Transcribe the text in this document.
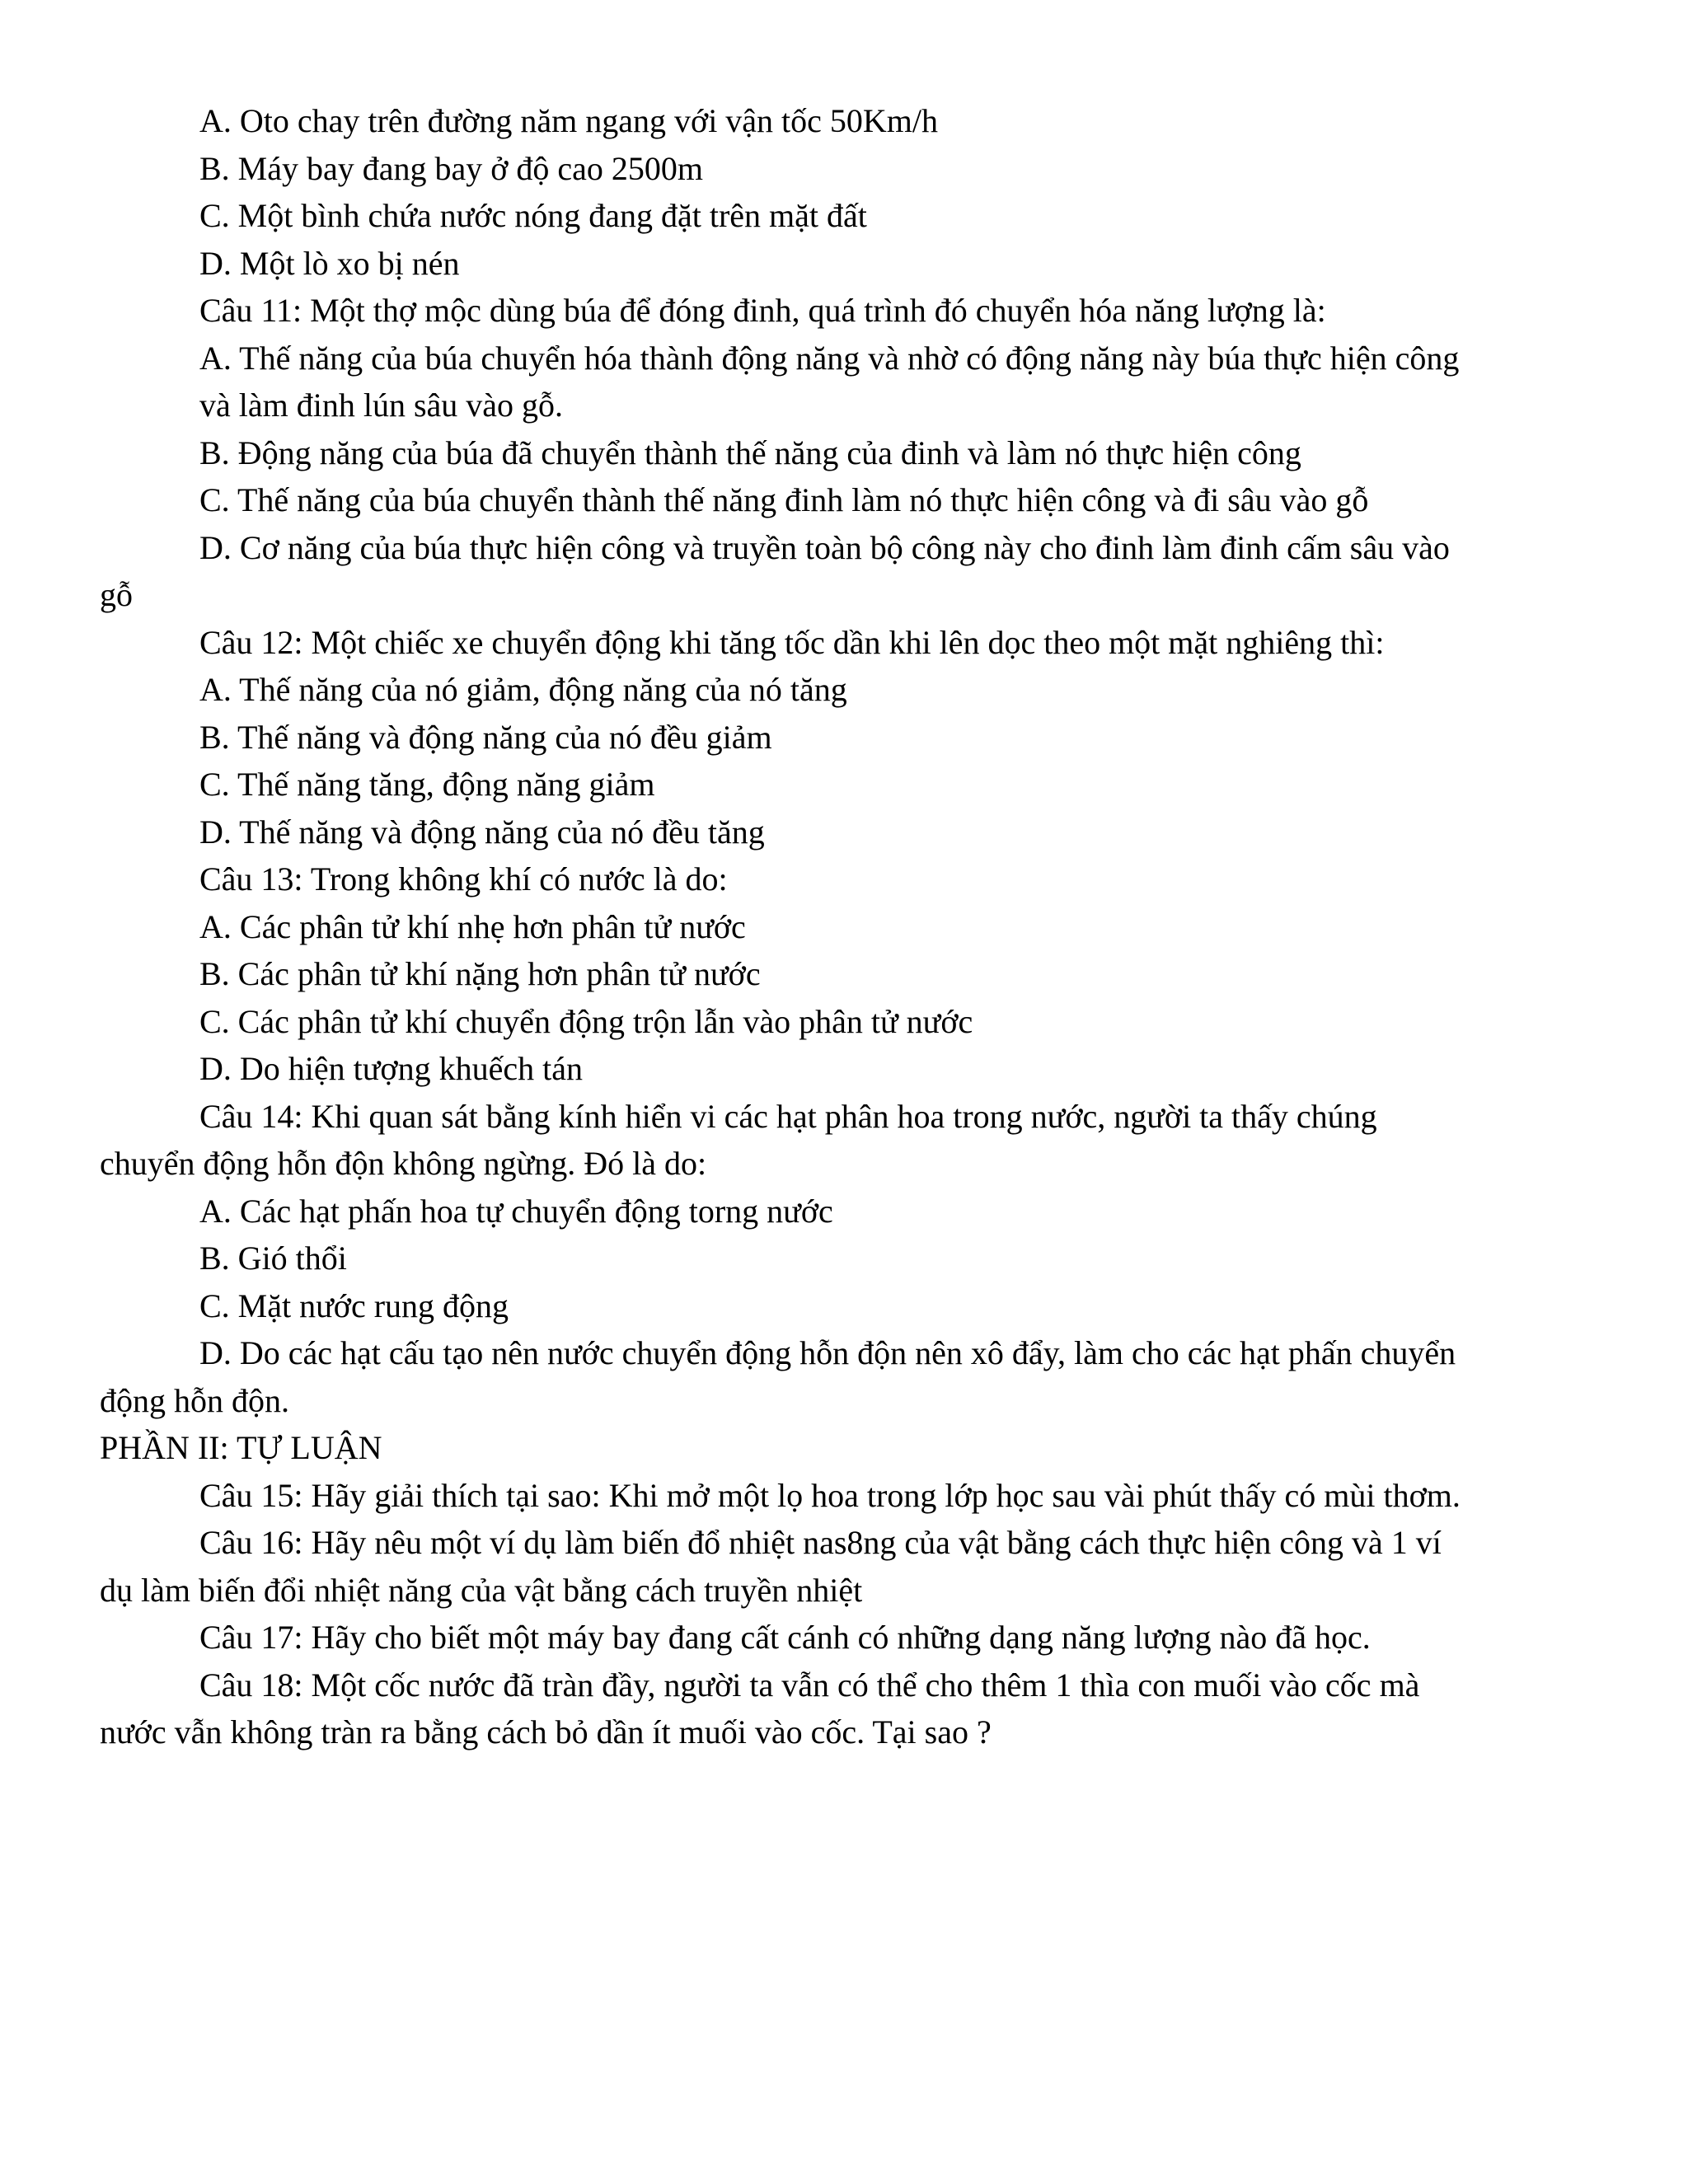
A. Oto chay trên đường năm ngang với vận tốc 50Km/h
B. Máy bay đang bay ở độ cao 2500m
C. Một bình chứa nước nóng đang đặt trên mặt đất
D. Một lò xo bị nén
Câu 11: Một thợ mộc dùng búa để đóng đinh, quá trình đó chuyển hóa năng lượng là:
A. Thế năng của búa chuyển hóa thành động năng và nhờ có động năng này búa thực hiện công
và làm đinh lún sâu vào gỗ.
B. Động năng của búa đã chuyển thành thế năng của đinh và làm nó thực hiện công
C. Thế năng của búa chuyển thành thế năng đinh làm nó thực hiện công và đi sâu vào gỗ
D. Cơ năng của búa thực hiện công và truyền toàn bộ công này cho đinh làm đinh cấm sâu vào
gỗ
Câu 12: Một chiếc xe chuyển động khi tăng tốc dần khi lên dọc theo một mặt nghiêng thì:
A. Thế năng của nó giảm, động năng của nó tăng
B. Thế năng và động năng của nó đều giảm
C. Thế năng tăng, động năng giảm
D. Thế năng và động năng của nó đều tăng
Câu 13: Trong không khí có nước là do:
A. Các phân tử khí nhẹ hơn phân tử nước
B. Các phân tử khí nặng hơn phân tử nước
C. Các phân tử khí chuyển động trộn lẫn vào phân tử nước
D. Do hiện tượng khuếch tán
Câu 14: Khi quan sát bằng kính hiển vi các hạt phân hoa trong nước, người ta thấy chúng
chuyển động hỗn độn không ngừng. Đó là do:
A. Các hạt phấn hoa tự chuyển động torng nước
B. Gió thổi
C. Mặt nước rung động
D. Do các hạt cấu tạo nên nước chuyển động hỗn độn nên xô đẩy, làm cho các hạt phấn chuyển
động hỗn độn.
PHẦN II: TỰ LUẬN
Câu 15: Hãy giải thích tại sao: Khi mở một lọ hoa trong lớp học sau vài phút thấy có mùi thơm.
Câu 16: Hãy nêu một ví dụ làm biến đổ nhiệt nas8ng của vật bằng cách thực hiện công và 1 ví
dụ làm biến đổi nhiệt năng của vật bằng cách truyền nhiệt
Câu 17: Hãy cho biết một máy bay đang cất cánh có những dạng năng lượng nào đã học.
Câu 18: Một cốc nước đã tràn đầy, người ta vẫn có thể cho thêm 1 thìa con muối vào cốc mà
nước vẫn không tràn ra bằng cách bỏ dần ít muối vào cốc. Tại sao ?
